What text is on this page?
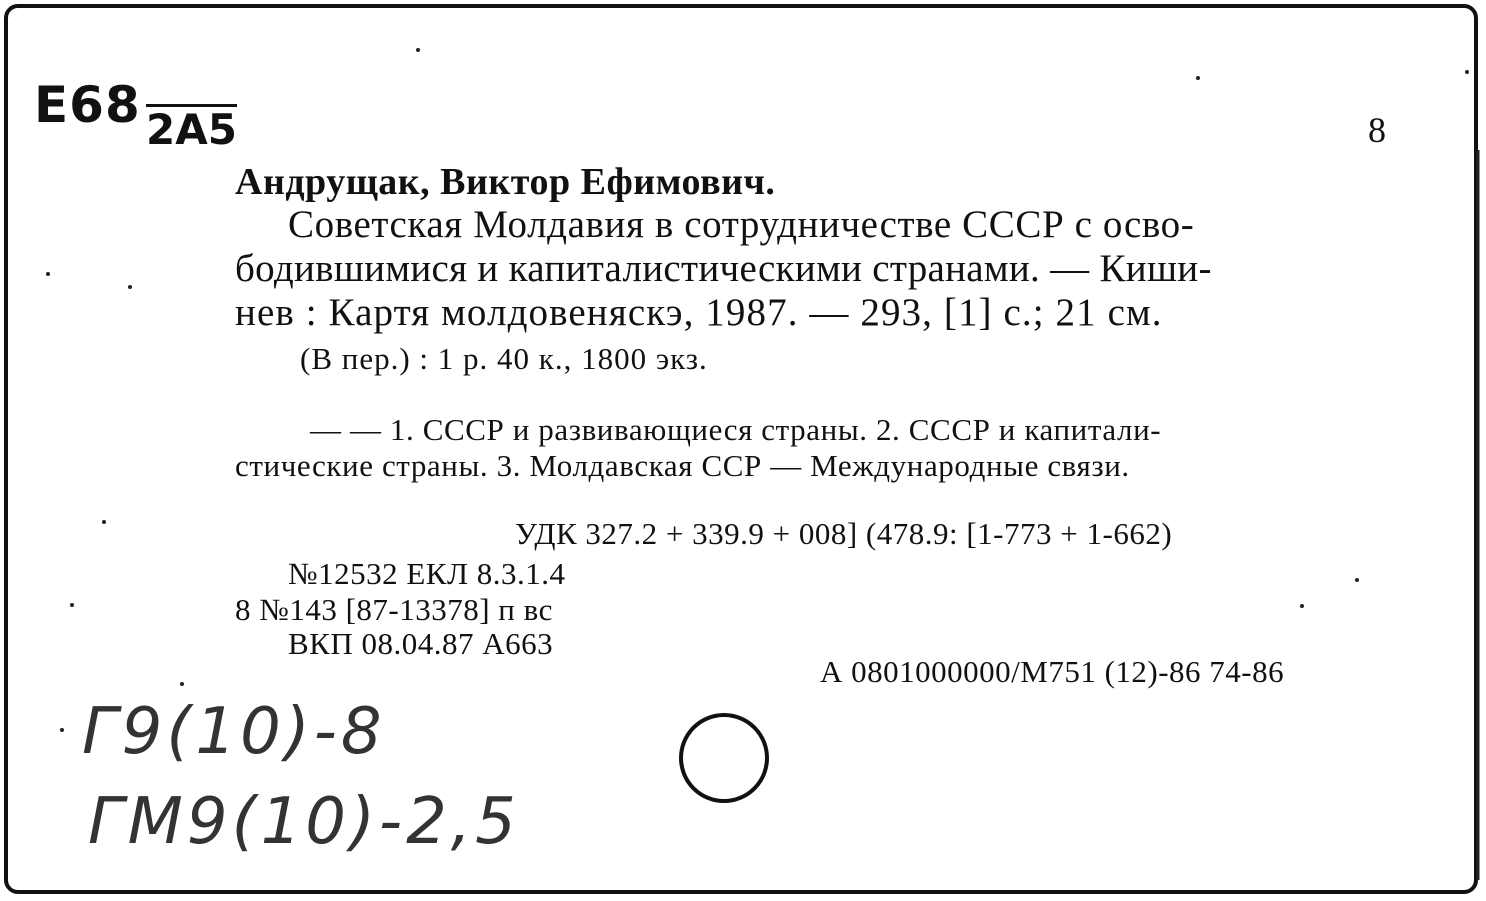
Е68 2А5	8
Андрущак, Виктор Ефимович.
Советская Молдавия в сотрудничестве СССР с осво-
бодившимися и капиталистическими странами. — Киши-
нев : Картя молдовеняскэ, 1987. — 293, [1] с.; 21 см.
(В пер.) : 1 р. 40 к., 1800 экз.
— — 1. СССР и развивающиеся страны. 2. СССР и капитали-
стические страны. 3. Молдавская ССР — Международные связи.
УДК 327.2 + 339.9 + 008] (478.9: [1-773 + 1-662)
№12532 ЕКЛ 8.3.1.4
8 №143 [87-13378] п вс
ВКП 08.04.87 А663
А 0801000000/М751 (12)-86 74-86
Г9(10)-8
ГМ9(10)-2,5
